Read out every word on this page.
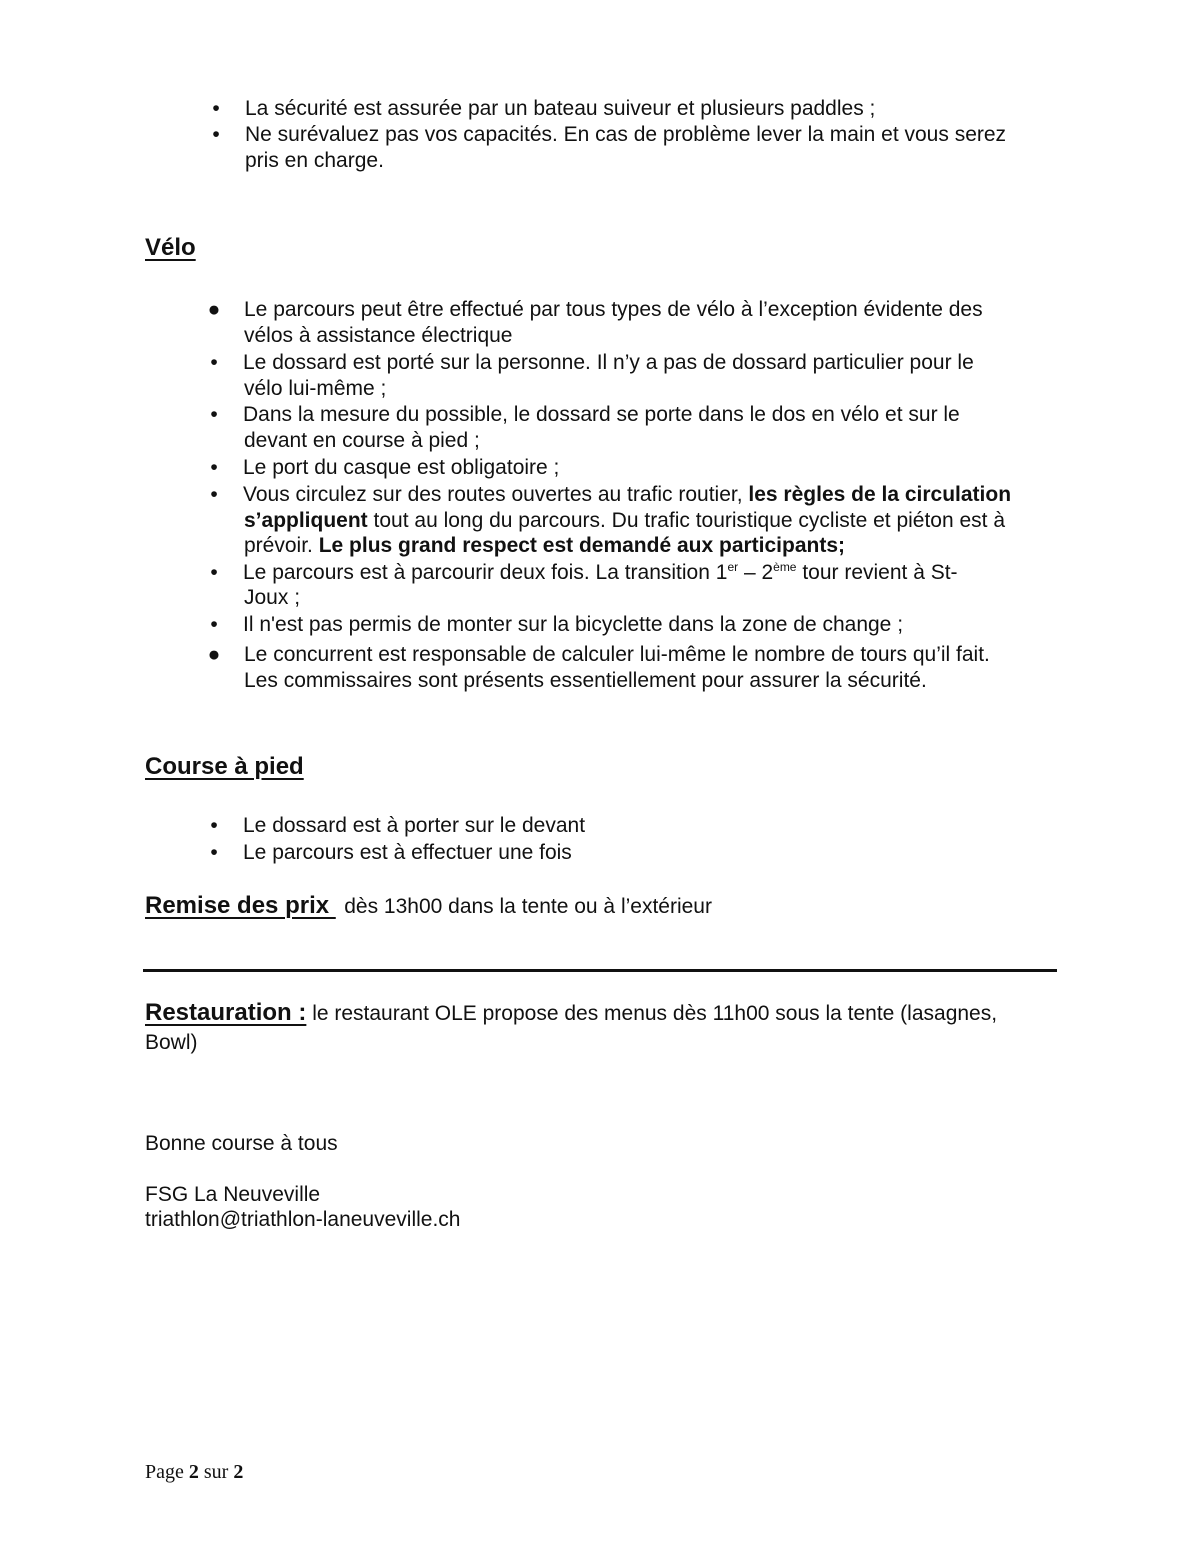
•	La sécurité est assurée par un bateau suiveur et plusieurs paddles ;
•	Ne surévaluez pas vos capacités. En cas de problème lever la main et vous serez
pris en charge.
Vélo
● Le parcours peut être effectué par tous types de vélo à l’exception évidente des
vélos à assistance électrique
•	Le dossard est porté sur la personne. Il n’y a pas de dossard particulier pour le
vélo lui-même ;
•	Dans la mesure du possible, le dossard se porte dans le dos en vélo et sur le
devant en course à pied ;
•	Le port du casque est obligatoire ;
•	Vous circulez sur des routes ouvertes au trafic routier, les règles de la circulation
s’appliquent tout au long du parcours. Du trafic touristique cycliste et piéton est à
prévoir. Le plus grand respect est demandé aux participants;
•	Le parcours est à parcourir deux fois. La transition 1er – 2ème tour revient à St-
Joux ;
•	Il n'est pas permis de monter sur la bicyclette dans la zone de change ;
● Le concurrent est responsable de calculer lui-même le nombre de tours qu’il fait.
Les commissaires sont présents essentiellement pour assurer la sécurité.
Course à pied
•	Le dossard est à porter sur le devant
•	Le parcours est à effectuer une fois
Remise des prix  dès 13h00 dans la tente ou à l’extérieur
Restauration : le restaurant OLE propose des menus dès 11h00 sous la tente (lasagnes,
Bowl)
Bonne course à tous
FSG La Neuveville
triathlon@triathlon-laneuveville.ch
Page 2 sur 2
